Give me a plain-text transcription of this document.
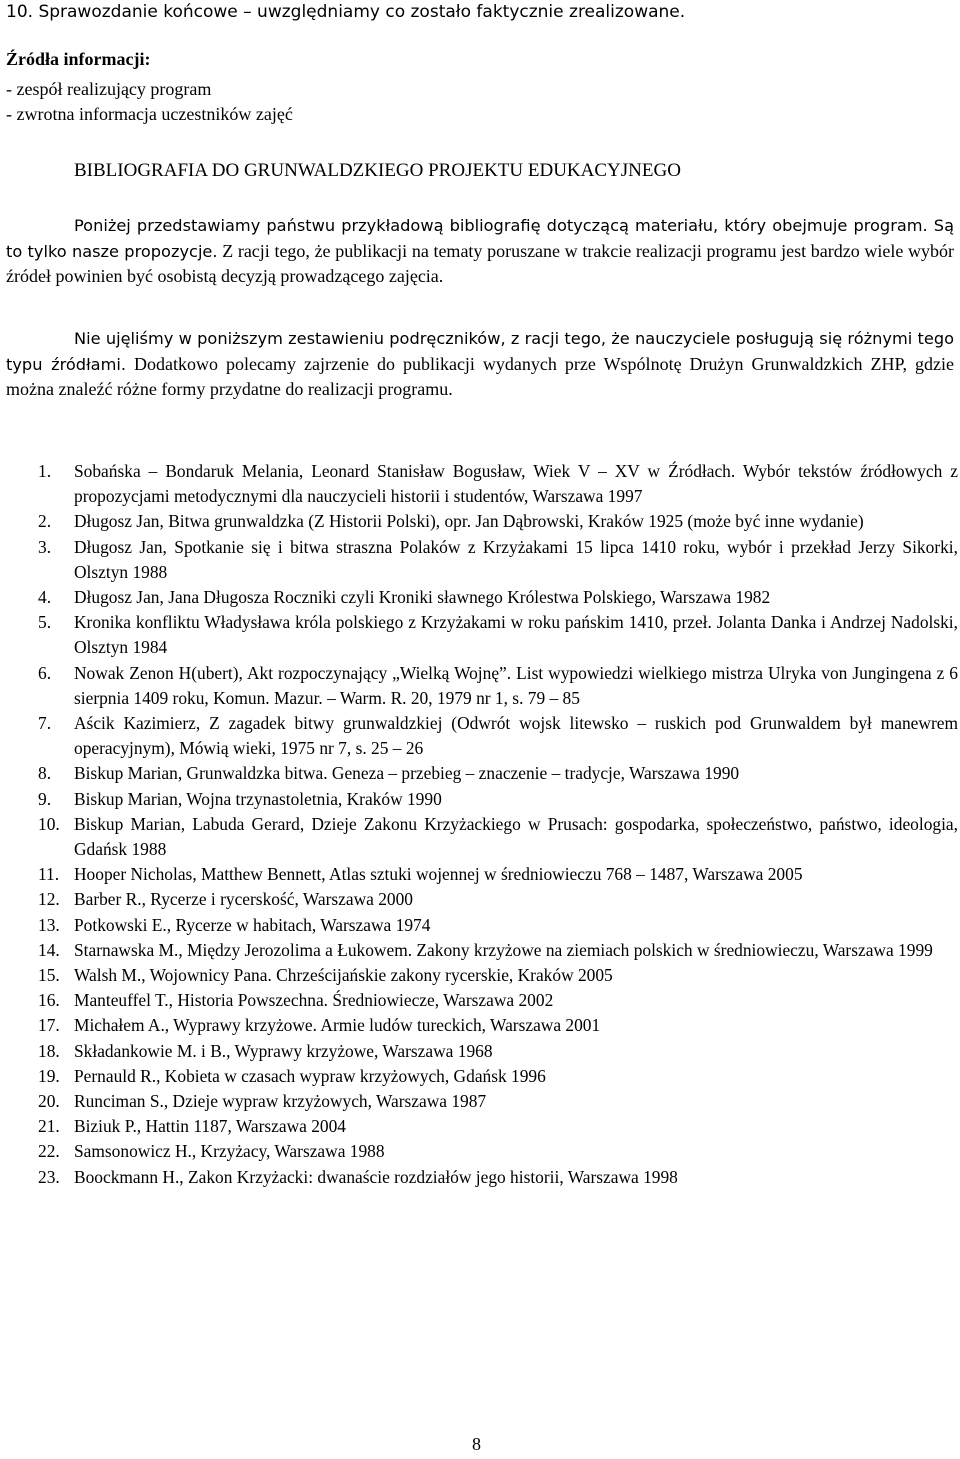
10. Sprawozdanie końcowe – uwzględniamy co zostało faktycznie zrealizowane.
Źródła informacji:
- zespół realizujący program
- zwrotna informacja uczestników zajęć
BIBLIOGRAFIA DO GRUNWALDZKIEGO PROJEKTU EDUKACYJNEGO
Poniżej przedstawiamy państwu przykładową bibliografię dotyczącą materiału, który obejmuje program. Są to tylko nasze propozycje. Z racji tego, że publikacji na tematy poruszane w trakcie realizacji programu jest bardzo wiele wybór źródeł powinien być osobistą decyzją prowadzącego zajęcia.
Nie ujęliśmy w poniższym zestawieniu podręczników, z racji tego, że nauczyciele posługują się różnymi tego typu źródłami. Dodatkowo polecamy zajrzenie do publikacji wydanych prze Wspólnotę Drużyn Grunwaldzkich ZHP, gdzie można znaleźć różne formy przydatne do realizacji programu.
1. Sobańska – Bondaruk Melania, Leonard Stanisław Bogusław, Wiek V – XV w Źródłach. Wybór tekstów źródłowych z propozycjami metodycznymi dla nauczycieli historii i studentów, Warszawa 1997
2. Długosz Jan, Bitwa grunwaldzka (Z Historii Polski), opr. Jan Dąbrowski, Kraków 1925 (może być inne wydanie)
3. Długosz Jan, Spotkanie się i bitwa straszna Polaków z Krzyżakami 15 lipca 1410 roku, wybór i przekład Jerzy Sikorki, Olsztyn 1988
4. Długosz Jan, Jana Długosza Roczniki czyli Kroniki sławnego Królestwa Polskiego, Warszawa 1982
5. Kronika konfliktu Władysława króla polskiego z Krzyżakami w roku pańskim 1410, przeł. Jolanta Danka i Andrzej Nadolski, Olsztyn 1984
6. Nowak Zenon H(ubert), Akt rozpoczynający „Wielką Wojnę”. List wypowiedzi wielkiego mistrza Ulryka von Jungingena z 6 sierpnia 1409 roku, Komun. Mazur. – Warm. R. 20, 1979 nr 1, s. 79 – 85
7. Aścik Kazimierz, Z zagadek bitwy grunwaldzkiej (Odwrót wojsk litewsko – ruskich pod Grunwaldem był manewrem operacyjnym), Mówią wieki, 1975 nr 7, s. 25 – 26
8. Biskup Marian, Grunwaldzka bitwa. Geneza – przebieg – znaczenie – tradycje, Warszawa 1990
9. Biskup Marian, Wojna trzynastoletnia, Kraków 1990
10. Biskup Marian, Labuda Gerard, Dzieje Zakonu Krzyżackiego w Prusach: gospodarka, społeczeństwo, państwo, ideologia, Gdańsk 1988
11. Hooper Nicholas, Matthew Bennett, Atlas sztuki wojennej w średniowieczu 768 – 1487, Warszawa 2005
12. Barber R., Rycerze i rycerskość, Warszawa 2000
13. Potkowski E., Rycerze w habitach, Warszawa 1974
14. Starnawska M., Między Jerozolima a Łukowem. Zakony krzyżowe na ziemiach polskich w średniowieczu, Warszawa 1999
15. Walsh M., Wojownicy Pana. Chrześcijańskie zakony rycerskie, Kraków 2005
16. Manteuffel T., Historia Powszechna. Średniowiecze, Warszawa 2002
17. Michałem A., Wyprawy krzyżowe. Armie ludów tureckich, Warszawa 2001
18. Składankowie M. i B., Wyprawy krzyżowe, Warszawa 1968
19. Pernauld R., Kobieta w czasach wypraw krzyżowych, Gdańsk 1996
20. Runciman S., Dzieje wypraw krzyżowych, Warszawa 1987
21. Biziuk P., Hattin 1187, Warszawa 2004
22. Samsonowicz H., Krzyżacy, Warszawa 1988
23. Boockmann H., Zakon Krzyżacki: dwanaście rozdziałów jego historii, Warszawa 1998
8
